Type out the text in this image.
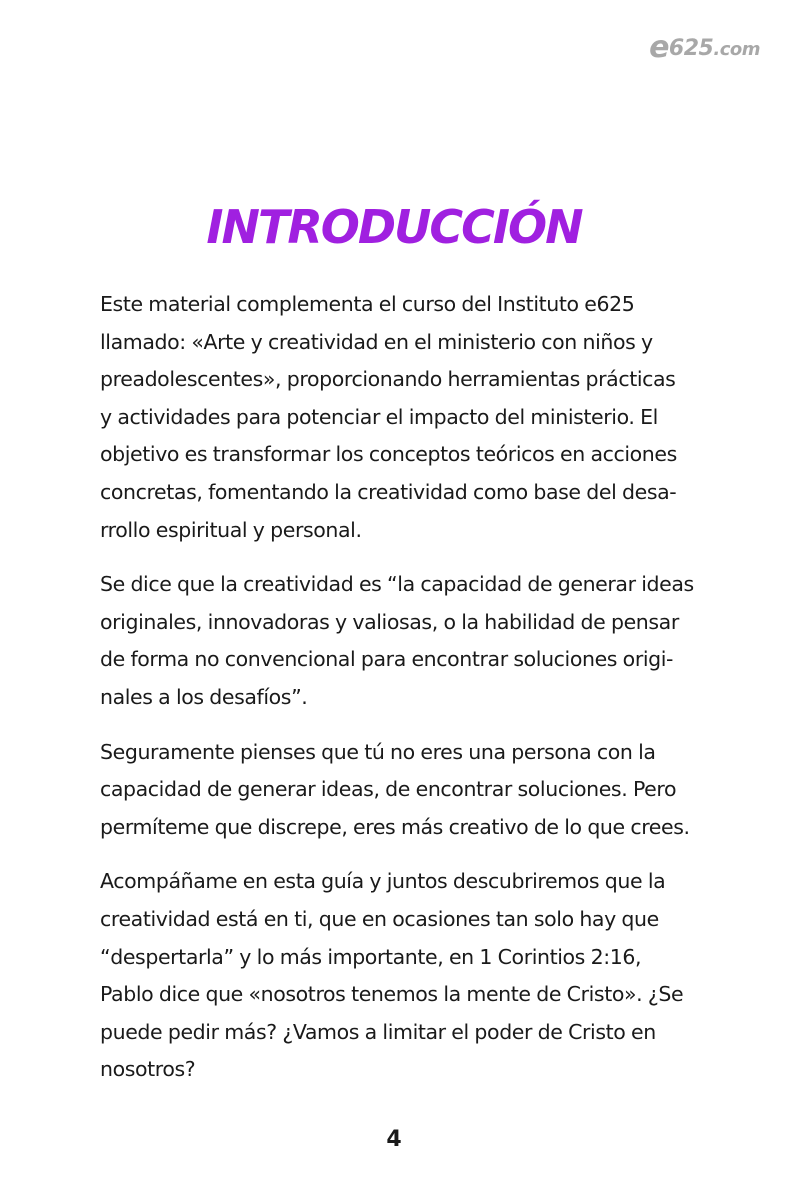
e625.com
INTRODUCCIÓN

Este material complementa el curso del Instituto e625
llamado: «Arte y creatividad en el ministerio con niños y
preadolescentes», proporcionando herramientas prácticas
y actividades para potenciar el impacto del ministerio. El
objetivo es transformar los conceptos teóricos en acciones
concretas, fomentando la creatividad como base del desa-
rrollo espiritual y personal.

Se dice que la creatividad es “la capacidad de generar ideas
originales, innovadoras y valiosas, o la habilidad de pensar
de forma no convencional para encontrar soluciones origi-
nales a los desafíos”.

Seguramente pienses que tú no eres una persona con la
capacidad de generar ideas, de encontrar soluciones. Pero
permíteme que discrepe, eres más creativo de lo que crees.

Acompáñame en esta guía y juntos descubriremos que la
creatividad está en ti, que en ocasiones tan solo hay que
“despertarla” y lo más importante, en 1 Corintios 2:16,
Pablo dice que «nosotros tenemos la mente de Cristo». ¿Se
puede pedir más? ¿Vamos a limitar el poder de Cristo en
nosotros?

4
